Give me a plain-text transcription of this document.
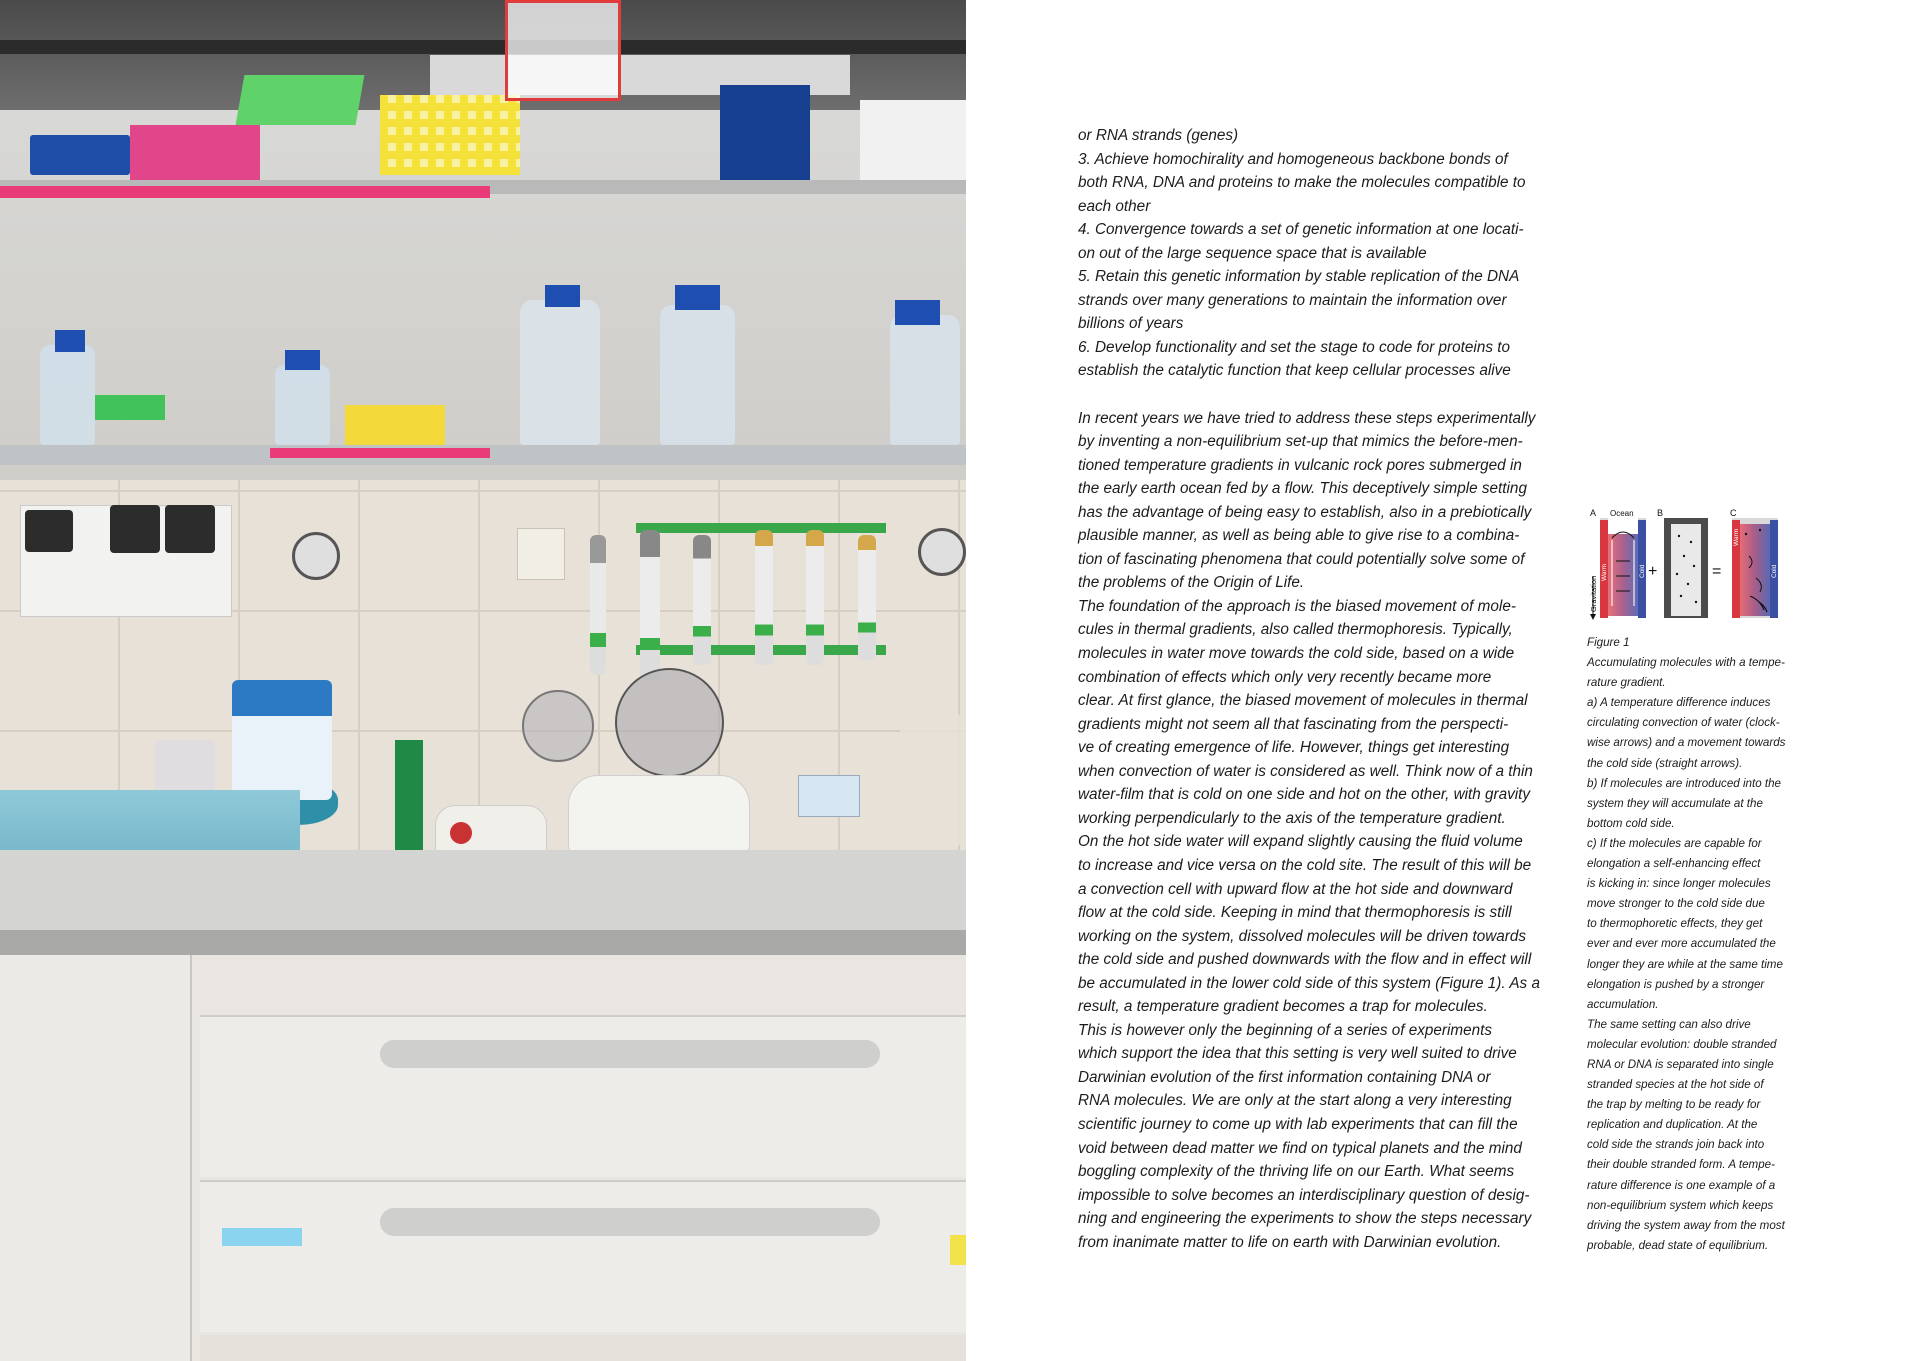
or RNA strands (genes)
3. Achieve homochirality and homogeneous backbone bonds of
both RNA, DNA and proteins to make the molecules compatible to
each other
4. Convergence towards a set of genetic information at one locati-
on out of the large sequence space that is available
5. Retain this genetic information by stable replication of the DNA
strands over many generations to maintain the information over
billions of years
6. Develop functionality and set the stage to code for proteins to
establish the catalytic function that keep cellular processes alive
In recent years we have tried to address these steps experimentally
by inventing a non-equilibrium set-up that mimics the before-men-
tioned temperature gradients in vulcanic rock pores submerged in
the early earth ocean fed by a flow. This deceptively simple setting
has the advantage of being easy to establish, also in a prebiotically
plausible manner, as well as being able to give rise to a combina-
tion of fascinating phenomena that could potentially solve some of
the problems of the Origin of Life.
The foundation of the approach is the biased movement of mole-
cules in thermal gradients, also called thermophoresis. Typically,
molecules in water move towards the cold side, based on a wide
combination of effects which only very recently became more
clear. At first glance, the biased movement of molecules in thermal
gradients might not seem all that fascinating from the perspecti-
ve of creating emergence of life. However, things get interesting
when convection of water is considered as well. Think now of a thin
water-film that is cold on one side and hot on the other, with gravity
working perpendicularly to the axis of the temperature gradient.
On the hot side water will expand slightly causing the fluid volume
to increase and vice versa on the cold site. The result of this will be
a convection cell with upward flow at the hot side and downward
flow at the cold side. Keeping in mind that thermophoresis is still
working on the system, dissolved molecules will be driven towards
the cold side and pushed downwards with the flow and in effect will
be accumulated in the lower cold side of this system (Figure 1). As a
result, a temperature gradient becomes a trap for molecules.
This is however only the beginning of a series of experiments
which support the idea that this setting is very well suited to drive
Darwinian evolution of the first information containing DNA or
RNA molecules. We are only at the start along a very interesting
scientific journey to come up with lab experiments that can fill the
void between dead matter we find on typical planets and the mind
boggling complexity of the thriving life on our Earth. What seems
impossible to solve becomes an interdisciplinary question of desig-
ning and engineering the experiments to show the steps necessary
from inanimate matter to life on earth with Darwinian evolution.
A	B	C
Gravitation
Ocean
Warm	Cold +	=
Warm
Cold
Figure 1
Accumulating molecules with a tempe-
rature gradient.
a) A temperature difference induces
circulating convection of water (clock-
wise arrows) and a movement towards
the cold side (straight arrows).
b) If molecules are introduced into the
system they will accumulate at the
bottom cold side.
c) If the molecules are capable for
elongation a self-enhancing effect
is kicking in: since longer molecules
move stronger to the cold side due
to thermophoretic effects, they get
ever and ever more accumulated the
longer they are while at the same time
elongation is pushed by a stronger
accumulation.
The same setting can also drive
molecular evolution: double stranded
RNA or DNA is separated into single
stranded species at the hot side of
the trap by melting to be ready for
replication and duplication. At the
cold side the strands join back into
their double stranded form. A tempe-
rature difference is one example of a
non-equilibrium system which keeps
driving the system away from the most
probable, dead state of equilibrium.
